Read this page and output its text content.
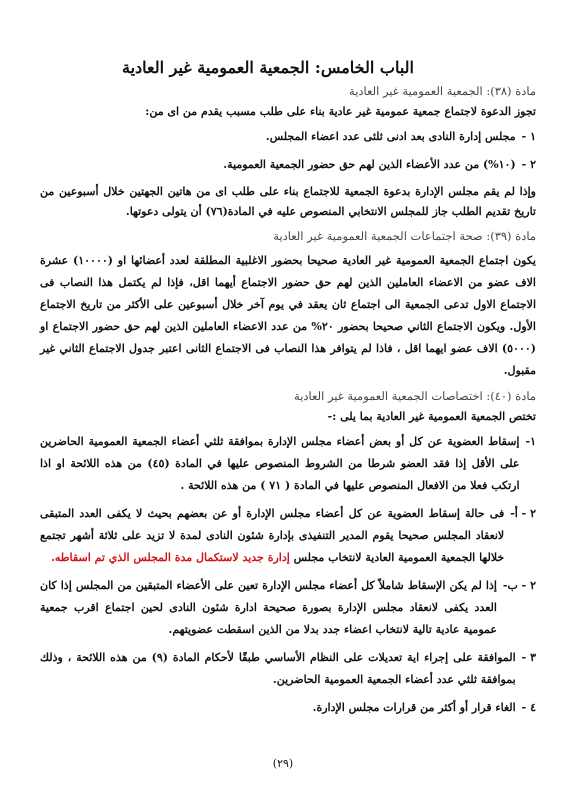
الباب الخامس: الجمعية العمومية غير العادية
مادة (٣٨): الجمعية العمومية غير العادية
تجوز الدعوة لاجتماع جمعية عمومية غير عادية بناء على طلب مسبب يقدم من اى من:
١ -
مجلس إدارة النادى بعد ادنى ثلثى عدد اعضاء المجلس.
٢ -
(١٠%) من عدد الأعضاء الذين لهم حق حضور الجمعية العمومية.

وإذا لم يقم مجلس الإدارة بدعوة الجمعية للاجتماع بناء على طلب اى من هاتين الجهتين خلال أسبوعين من تاريخ تقديم الطلب جاز للمجلس الانتخابي المنصوص عليه في المادة(٧٦) أن يتولى دعوتها.

مادة (٣٩): صحة اجتماعات الجمعية العمومية غير العادية

يكون اجتماع الجمعية العمومية غير العادية صحيحا بحضور الاغلبية المطلقة لعدد أعضائها او (١٠٠٠٠) عشرة الاف عضو من الاعضاء العاملين الذين لهم حق حضور الاجتماع أيهما اقل، فإذا لم يكتمل هذا النصاب فى الاجتماع الاول تدعى الجمعية الى اجتماع ثان يعقد في يوم آخر خلال أسبوعين على الأكثر من تاريخ الاجتماع الأول. ويكون الاجتماع الثاني صحيحا بحضور ٢٠% من عدد الاعضاء العاملين الذين لهم حق حضور الاجتماع او (٥٠٠٠) الاف عضو ايهما اقل ، فاذا لم يتوافر هذا النصاب فى الاجتماع الثانى اعتبر جدول الاجتماع الثاني غير مقبول.

مادة (٤٠): اختصاصات الجمعية العمومية غير العادية
تختص الجمعية العمومية غير العادية بما يلى :-
١-
إسقاط العضوية عن كل أو بعض أعضاء مجلس الإدارة بموافقة ثلثي أعضاء الجمعية العمومية الحاضرين على الأقل إذا فقد العضو شرطا من الشروط المنصوص عليها في المادة (٤٥) من هذه اللائحة او اذا ارتكب فعلا من الافعال المنصوص عليها في المادة ( ٧١ ) من هذه اللائحة .
٢ - أ-
فى حالة إسقاط العضوية عن كل أعضاء مجلس الإدارة أو عن بعضهم بحيث لا يكفى العدد المتبقى لانعقاد المجلس صحيحا يقوم المدير التنفيذى بإدارة شئون النادى لمدة لا تزيد على ثلاثة أشهر تجتمع خلالها الجمعية العمومية العادية لانتخاب مجلس إدارة جديد لاستكمال مدة المجلس الذي تم اسقاطه.
٢ - ب-
إذا لم يكن الإسقاط شاملاً كل أعضاء مجلس الإدارة تعين على الأعضاء المتبقين من المجلس إذا كان العدد يكفى لانعقاد مجلس الإدارة بصورة صحيحة ادارة شئون النادى لحين اجتماع اقرب جمعية عمومية عادية تالية لانتخاب اعضاء جدد بدلا من الذين اسقطت عضويتهم.
٣ -
الموافقة على إجراء اية تعديلات على النظام الأساسي طبقًا لأحكام المادة (٩) من هذه اللائحة ، وذلك بموافقة ثلثي عدد أعضاء الجمعية العمومية الحاضرين.
٤ -
الغاء قرار أو أكثر من قرارات مجلس الإدارة.
(٢٩)
